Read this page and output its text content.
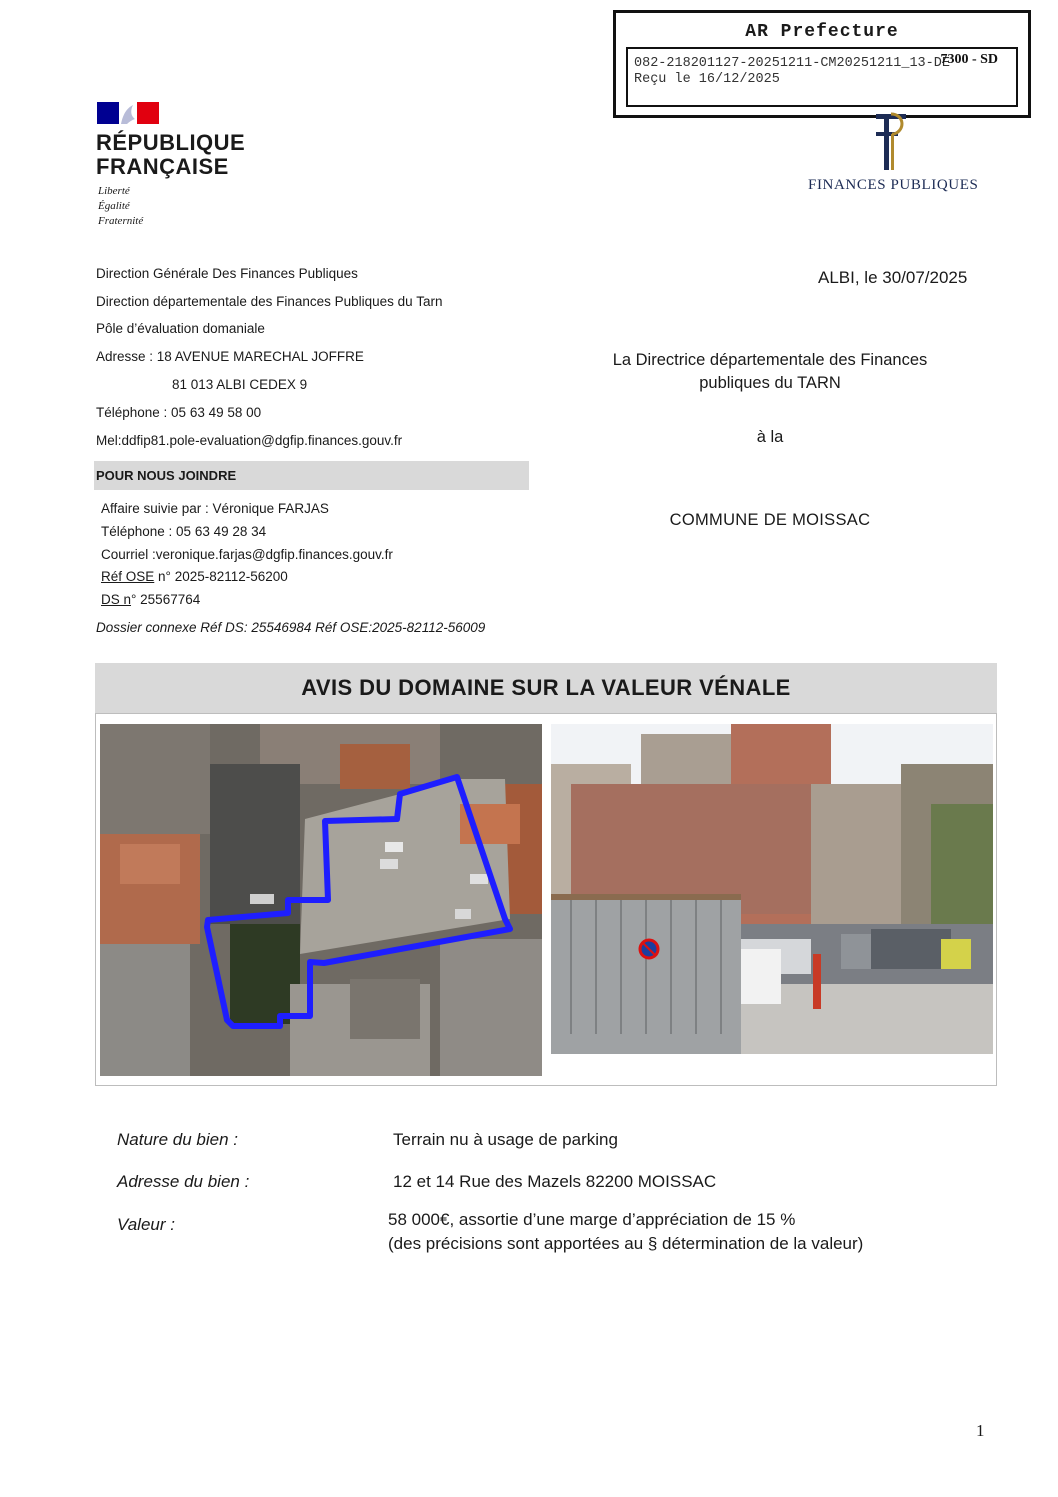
AR Prefecture
082-218201127-20251211-CM20251211_13-DE
7300 - SD
Reçu le 16/12/2025
RÉPUBLIQUE
FRANÇAISE
Liberté
Égalité
Fraternité
FINANCES PUBLIQUES
Direction Générale Des Finances Publiques
Direction départementale des Finances Publiques du Tarn
Pôle d’évaluation domaniale
Adresse : 18 AVENUE MARECHAL JOFFRE
81 013 ALBI CEDEX 9
Téléphone : 05 63 49 58 00
Mel:ddfip81.pole-evaluation@dgfip.finances.gouv.fr
ALBI, le 30/07/2025
La Directrice départementale des Finances
publiques du TARN
à la
COMMUNE DE MOISSAC
POUR NOUS JOINDRE
Affaire suivie par : Véronique FARJAS
Téléphone : 05 63 49 28 34
Courriel :veronique.farjas@dgfip.finances.gouv.fr
Réf OSE n° 2025-82112-56200
DS n° 25567764
Dossier connexe Réf DS: 25546984 Réf OSE:2025-82112-56009
AVIS DU DOMAINE SUR LA VALEUR VÉNALE
Nature du bien :	Terrain nu à usage de parking
Adresse du bien :	12 et 14 Rue des Mazels 82200 MOISSAC
Valeur :	58 000€, assortie d’une marge d’appréciation de 15 %
(des précisions sont apportées au § détermination de la valeur)
1
